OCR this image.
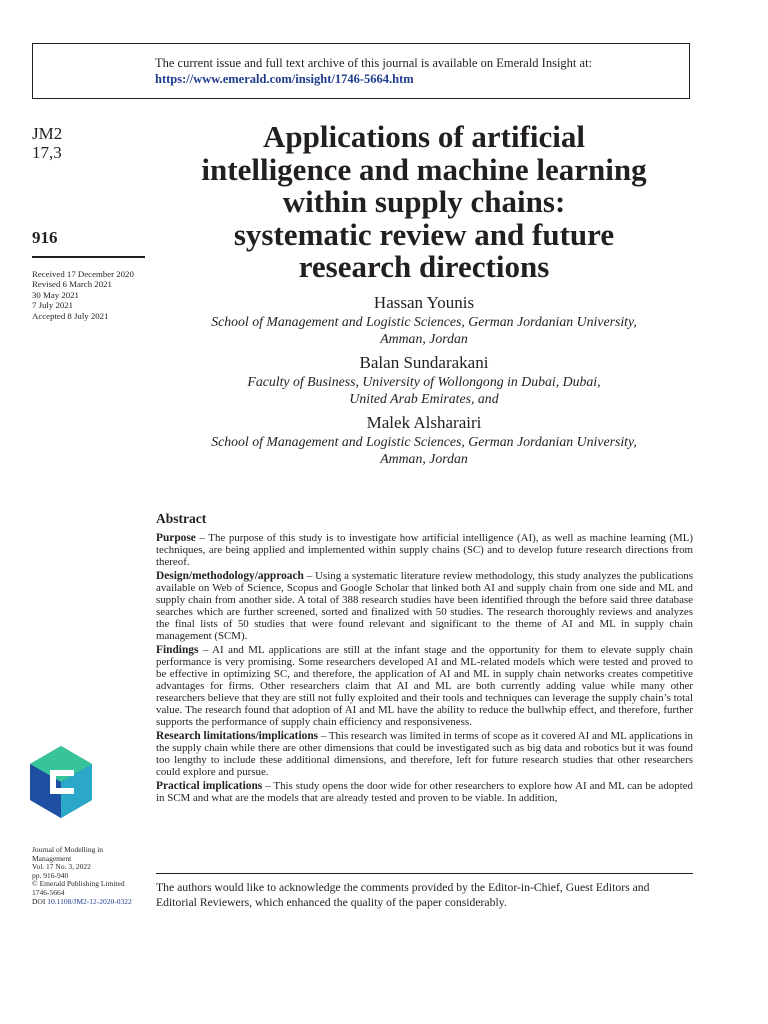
The current issue and full text archive of this journal is available on Emerald Insight at:
https://www.emerald.com/insight/1746-5664.htm
JM2
17,3
916
Received 17 December 2020
Revised 6 March 2021
30 May 2021
7 July 2021
Accepted 8 July 2021
Journal of Modelling in
Management
Vol. 17 No. 3, 2022
pp. 916-940
© Emerald Publishing Limited
1746-5664
DOI 10.1108/JM2-12-2020-0322
Applications of artificial
intelligence and machine learning
within supply chains:
systematic review and future
research directions
Hassan Younis
School of Management and Logistic Sciences, German Jordanian University,
Amman, Jordan
Balan Sundarakani
Faculty of Business, University of Wollongong in Dubai, Dubai,
United Arab Emirates, and
Malek Alsharairi
School of Management and Logistic Sciences, German Jordanian University,
Amman, Jordan
Abstract

Purpose – The purpose of this study is to investigate how artificial intelligence (AI), as well as machine learning (ML) techniques, are being applied and implemented within supply chains (SC) and to develop future research directions from thereof.

Design/methodology/approach – Using a systematic literature review methodology, this study analyzes the publications available on Web of Science, Scopus and Google Scholar that linked both AI and supply chain from one side and ML and supply chain from another side. A total of 388 research studies have been identified through the before said three database searches which are further screened, sorted and finalized with 50 studies. The research thoroughly reviews and analyzes the final lists of 50 studies that were found relevant and significant to the theme of AI and ML in supply chain management (SCM).

Findings – AI and ML applications are still at the infant stage and the opportunity for them to elevate supply chain performance is very promising. Some researchers developed AI and ML-related models which were tested and proved to be effective in optimizing SC, and therefore, the application of AI and ML in supply chain networks creates competitive advantages for firms. Other researchers claim that AI and ML are both currently adding value while many other researchers believe that they are still not fully exploited and their tools and techniques can leverage the supply chain’s total value. The research found that adoption of AI and ML have the ability to reduce the bullwhip effect, and therefore, further supports the performance of supply chain efficiency and responsiveness.

Research limitations/implications – This research was limited in terms of scope as it covered AI and ML applications in the supply chain while there are other dimensions that could be investigated such as big data and robotics but it was found too lengthy to include these additional dimensions, and therefore, left for future research studies that other researchers could explore and pursue.

Practical implications – This study opens the door wide for other researchers to explore how AI and ML can be adopted in SCM and what are the models that are already tested and proven to be viable. In addition,

The authors would like to acknowledge the comments provided by the Editor-in-Chief, Guest Editors and Editorial Reviewers, which enhanced the quality of the paper considerably.
